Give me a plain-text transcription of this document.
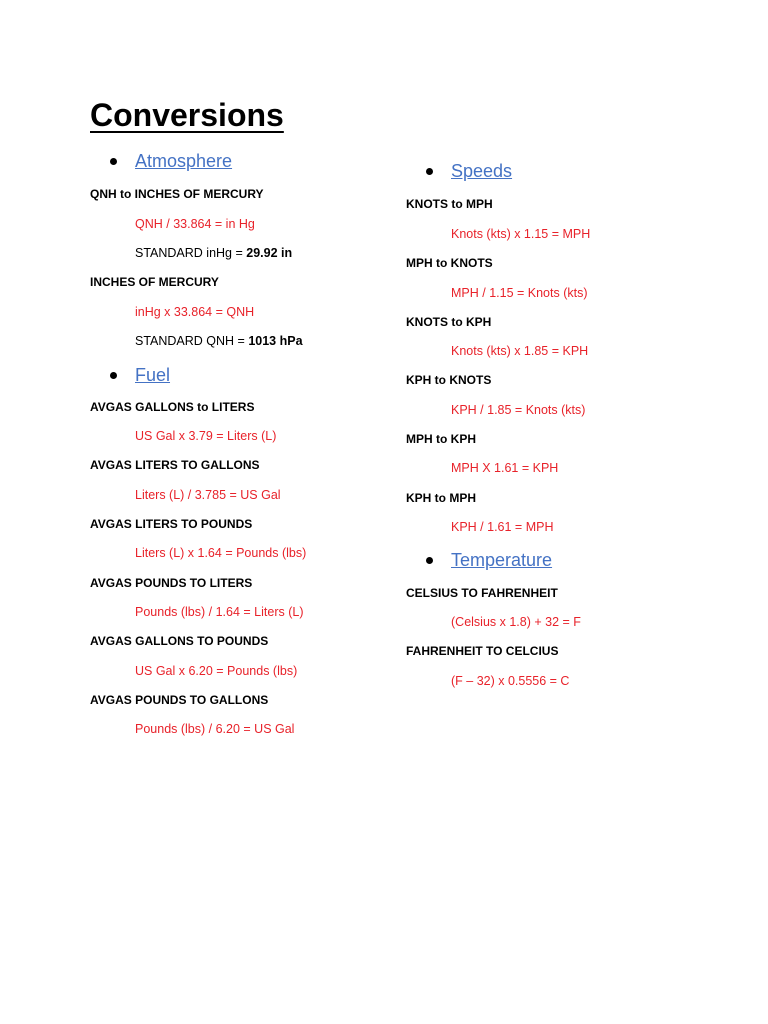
Conversions
Atmosphere
QNH to INCHES OF MERCURY
QNH / 33.864 = in Hg
STANDARD inHg = 29.92 in
INCHES OF MERCURY
inHg x 33.864 = QNH
STANDARD QNH = 1013 hPa
Fuel
AVGAS GALLONS to LITERS
US Gal x 3.79 = Liters (L)
AVGAS LITERS TO GALLONS
Liters (L) / 3.785 = US Gal
AVGAS LITERS TO POUNDS
Liters (L) x 1.64 = Pounds (lbs)
AVGAS POUNDS TO LITERS
Pounds (lbs) / 1.64 = Liters (L)
AVGAS GALLONS TO POUNDS
US Gal x 6.20 = Pounds (lbs)
AVGAS POUNDS TO GALLONS
Pounds (lbs) / 6.20 = US Gal
Speeds
KNOTS to MPH
Knots (kts) x 1.15 = MPH
MPH to KNOTS
MPH / 1.15 = Knots (kts)
KNOTS to KPH
Knots (kts) x 1.85 = KPH
KPH to KNOTS
KPH / 1.85 = Knots (kts)
MPH to KPH
MPH X 1.61 = KPH
KPH to MPH
KPH / 1.61 = MPH
Temperature
CELSIUS TO FAHRENHEIT
(Celsius x 1.8) + 32 = F
FAHRENHEIT TO CELCIUS
(F – 32) x 0.5556 = C
